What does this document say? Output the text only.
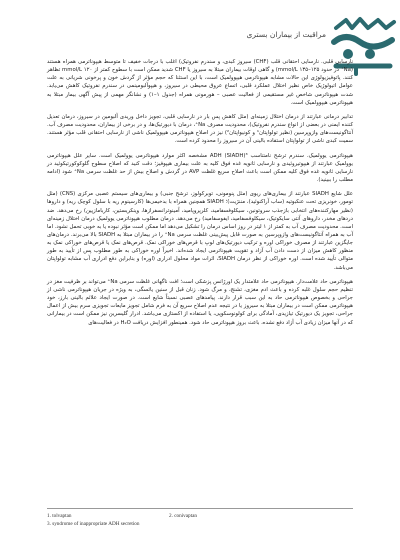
مراقبت از بیماران بستری

نارسایی قلبی. نارسایی احتقانی قلب (CHF) سیروز کبدی، و سندرم نفروتیک) اغلب با درجات خفیف تا متوسط هیپوناترمی همراه هستند (Na⁺ در حدود ۱۲۵–۱۳۵ mmol/L) و گاهی اوقات بیماران مبتلا به سیروز یا CHF شدید ممکن است با سطوح کمتر از ۱۲۰ mmol/L تظاهر کنند. پاتوفیزیولوژی این حالات مشابه هیپوناترمی هیپوولمیک است، با این استثنا که حجم مؤثر از گردش خون و پرخونی شریانی به علت عوامل اتیولوژیک خاص نظیر اختلال عملکرد قلبی، اتساع عروق محیطی در سیروز، و هیپوآلبومینمی در سندرم نفروتیک کاهش می‌یابد. شدت هیپوناترمی شاخص غیر مستقیمی از فعالیت عصبی – هورمونی همراه (جدول ۱–۱) و نشانگر مهمی از پیش آگهی بیمار مبتلا به هیپوناترمی هیپوولمیک است.

تدابیر درمانی عبارتند از درمان اختلال زمینه‌ای (مثل کاهش پس بار در نارسایی قلبی، تجویز داخل وریدی آلبومین در سیروز، درمان تعدیل کننده ایمنی در بعضی از انواع سندرم نفروتیک)، محدودیت مصرف Na⁺، درمان با دیورتیک‌ها، و در برخی از بیماران، محدودیت مصرف آب. آنتاگونیست‌های وازوپرسین (نظیر تولواپتان¹ و کونیواپتان²) نیز در اصلاح هیپوناترمی هیپوولمیک ناشی از نارسایی احتقانی قلب مؤثر هستند. سمیت کبدی ناشی از تولواپتان استفاده بالینی آن در سیروز را محدود کرده است.

هیپوناترمی یوولمیک. سندرم ترشح نامتناسب ADH (SIADH)³ مشخصه اکثر موارد هیپوناترمی یوولمیک است. سایر علل هیپوناترمی یوولمیک عبارتند از هیپوتیروئیدی و نارسایی ثانویه غده فوق کلیه به علت بیماری هیپوفیز؛ دقت کنید که اصلاح سطوح گلوکوکورتیکوئید در نارسایی ثانویه غده فوق کلیه ممکن است باعث اصلاح سریع غلظت AVP در گردش و اصلاح بیش از حد غلظت سرمی Na⁺ شود (ادامه مطلب را ببینید).

علل شایع SIADH عبارتند از بیماری‌های ریوی (مثل پنومونی، توبرکولوز، ترشح جنبی) و بیماری‌های سیستم عصبی مرکزی (CNS) (مثل تومور، خونریزی تحت عنکبوتیه (ساب آراکنوئید)، مننژیت)؛ SIADH همچنین همراه با بدخیمی‌ها (کارسینوم ریه با سلول کوچک ریه) و داروها (نظیر مهارکننده‌های انتخابی بازجذب سروتونین، سیکلوفسفامید، کلرپروپامید، آمینوترانسفرازها، وینکریستین، کاربامازپین) رخ می‌دهد. ضد دردهای مخدر، داروهای آنتی سایکوتیک، سیکلوفسفامید، ایفوسفامید) رخ می‌دهد. درمان مطلوب هیپوناترمی یوولمیک درمان اختلال زمینه‌ای است. محدودیت مصرف آب به کمتر از ۱ لیتر در روز اساس درمان را تشکیل می‌دهد اما ممکن است مؤثر نبوده یا به خوبی تحمل نشود. اما آب به همراه آنتاگونیست‌های وازوپرسین به صورت قابل پیش‌بینی غلظت سرمی Na⁺ را در بیماران مبتلا به SIADH بالا می‌برند. درمان‌های جایگزین عبارتند از مصرف خوراکی اوره و ترکیب دیورتیک‌های لوپ با قرص‌های خوراکی نمک. قرص‌های نمک یا قرص‌های خوراکی نمک به منظور کاهش میزان از دست دادن آب آزاد و تقویت هیپوناترمی ایجاد شده‌اند. اخیراً اوره خوراکی به طور مطلوب پس از تأیید به طور متوالی تأیید شده است. اوره خوراکی از نظر درمان SIADH، اثرات مواد محلول ادراری (اوره) و بنابراین دفع ادراری آب مشابه تولواپتان می‌باشد.

هیپوناترمی حاد علامت‌دار. هیپوناترمی حاد علامتدار یک اورژانس پزشکی است؛ افت ناگهانی غلظت سرمی Na⁺ می‌تواند بر ظرفیت مغز در تنظیم حجم سلول غلبه کرده و باعث ادم مغزی، تشنج، و مرگ شود. زنان قبل از سنین یائسگی، به ویژه در جریان هیپوناترمی ناشی از جراحی و بخصوص هیپوناترمی حاد به این سبب قرار دارند. پیامدهای عصبی نسبتاً شایع است. در صورت ایجاد علائم بالینی بارز، خود هیپوناترمی ممکن است در بیماران مبتلا به سیروز یا در نتیجه عدم اصلاح سریع آن به فرم شامل تجویز مایعات تجویزی سرم بیش از اعمال جراحی، تجویز یک دیورتیک تیازیدی، آمادگی برای کولونوسکوپی، یا استفاده از اکستازی می‌باشد. ادرار گلیسرین نیز ممکن است در بیمارانی که در آنها میزان زیادی آب آزاد دفع نشده، باعث بروز هیپوناترمی حاد شود. همینطور افزایش دریافت H₂O در فعالیت‌های

1. tolvaptan	2. conivaptan
3. syndrome of inappropriate ADH secretion
